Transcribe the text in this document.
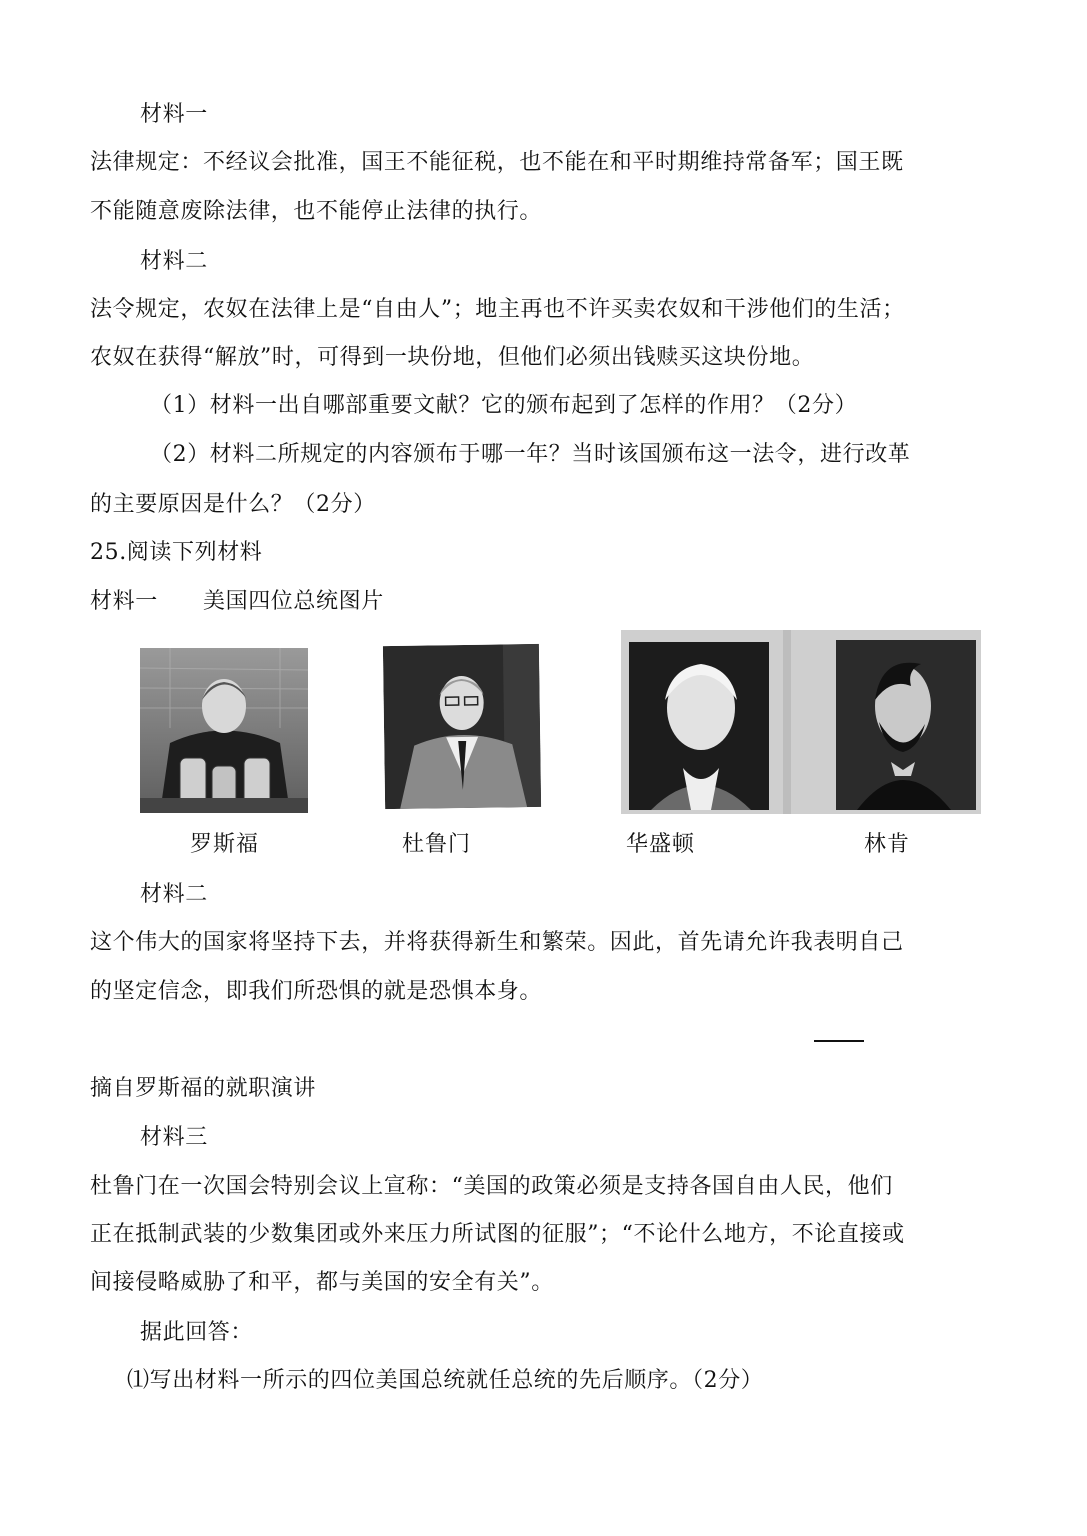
材料一
法律规定：不经议会批准，国王不能征税，也不能在和平时期维持常备军；国王既
不能随意废除法律，也不能停止法律的执行。
材料二
法令规定，农奴在法律上是“自由人”；地主再也不许买卖农奴和干涉他们的生活；
农奴在获得“解放”时，可得到一块份地，但他们必须出钱赎买这块份地。
（1）材料一出自哪部重要文献？它的颁布起到了怎样的作用？（2分）
（2）材料二所规定的内容颁布于哪一年？当时该国颁布这一法令，进行改革
的主要原因是什么？（2分）
25.阅读下列材料
材料一　　美国四位总统图片
罗斯福	杜鲁门	华盛顿	林肯
材料二
这个伟大的国家将坚持下去，并将获得新生和繁荣。因此，首先请允许我表明自己
的坚定信念，即我们所恐惧的就是恐惧本身。
摘自罗斯福的就职演讲
材料三
杜鲁门在一次国会特别会议上宣称：“美国的政策必须是支持各国自由人民，他们
正在抵制武装的少数集团或外来压力所试图的征服”；“不论什么地方，不论直接或
间接侵略威胁了和平，都与美国的安全有关”。
据此回答：
⑴写出材料一所示的四位美国总统就任总统的先后顺序。（2分）
